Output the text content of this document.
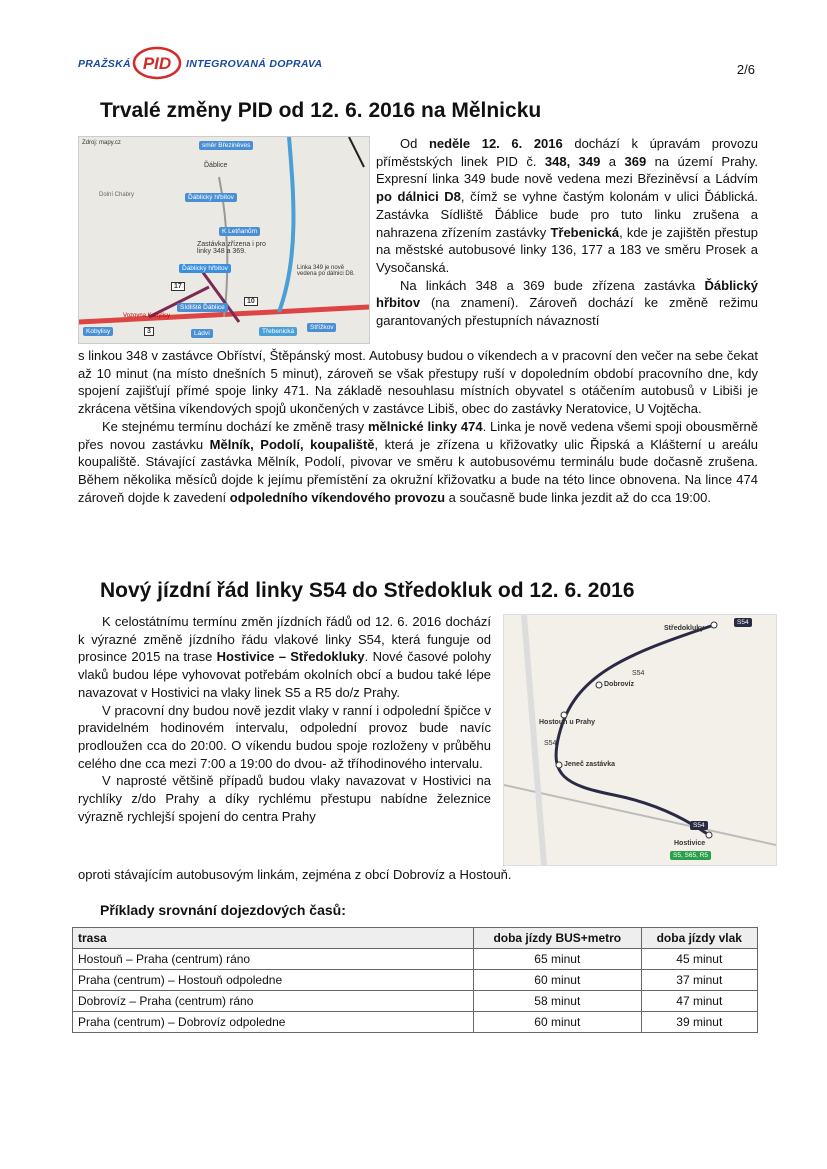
PRAŽSKÁ PID INTEGROVANÁ DOPRAVA	2/6
Trvalé změny PID od 12. 6. 2016 na Mělnicku
Zdroj: mapy.cz	směr Březiněves
Ďáblice
Ďáblický hřbitov
K Letňanům
Zastávka zřízena i pro linky 348 a 369.
Ďáblický hřbitov
Sídliště Ďáblice
Třebenická
Linka 349 je nově vedena po dálnici D8.
Kobylisy	Ládví
Střížkov
Vozovna Kobylisy
Dolní Chabry
17
10
3

Od neděle 12. 6. 2016 dochází k úpravám provozu příměstských linek PID č. 348, 349 a 369 na území Prahy. Expresní linka 349 bude nově vedena mezi Březiněvsí a Ládvím po dálnici D8, čímž se vyhne častým kolonám v ulici Ďáblická. Zastávka Sídliště Ďáblice bude pro tuto linku zrušena a nahrazena zřízením zastávky Třebenická, kde je zajištěn přestup na městské autobusové linky 136, 177 a 183 ve směru Prosek a Vysočanská.

Na linkách 348 a 369 bude zřízena zastávka Ďáblický hřbitov (na znamení). Zároveň dochází ke změně režimu garantovaných přestupních návazností

s linkou 348 v zastávce Obříství, Štěpánský most. Autobusy budou o víkendech a v pracovní den večer na sebe čekat až 10 minut (na místo dnešních 5 minut), zároveň se však přestupy ruší v dopoledním období pracovního dne, kdy spojení zajišťují přímé spoje linky 471. Na základě nesouhlasu místních obyvatel s otáčením autobusů v Libiši je zkrácena většina víkendových spojů ukončených v zastávce Libiš, obec do zastávky Neratovice, U Vojtěcha.

Ke stejnému termínu dochází ke změně trasy mělnické linky 474. Linka je nově vedena všemi spoji obousměrně přes novou zastávku Mělník, Podolí, koupaliště, která je zřízena u křižovatky ulic Řipská a Klášterní u areálu koupaliště. Stávající zastávka Mělník, Podolí, pivovar ve směru k autobusovému terminálu bude dočasně zrušena. Během několika měsíců dojde k jejímu přemístění za okružní křižovatku a bude na této lince obnovena. Na lince 474 zároveň dojde k zavedení odpoledního víkendového provozu a současně bude linka jezdit až do cca 19:00.

Nový jízdní řád linky S54 do Středokluk od 12. 6. 2016

K celostátnímu termínu změn jízdních řádů od 12. 6. 2016 dochází k výrazné změně jízdního řádu vlakové linky S54, která funguje od prosince 2015 na trase Hostivice – Středokluky. Nové časové polohy vlaků budou lépe vyhovovat potřebám okolních obcí a budou také lépe navazovat v Hostivici na vlaky linek S5 a R5 do/z Prahy.

V pracovní dny budou nově jezdit vlaky v ranní i odpolední špičce v pravidelném hodinovém intervalu, odpolední provoz bude navíc prodloužen cca do 20:00. O víkendu budou spoje rozloženy v průběhu celého dne cca mezi 7:00 a 19:00 do dvou- až tříhodinového intervalu.

V naprosté většině případů budou vlaky navazovat v Hostivici na rychlíky z/do Prahy a díky rychlému přestupu nabídne železnice výrazně rychlejší spojení do centra Prahy

oproti stávajícím autobusovým linkám, zejména z obcí Dobrovíz a Hostouň.
Středokluky
Dobrovíz
Hostouň u Prahy
Jeneč zastávka
Hostivice
S54
S54
S54
S54
S5, S65, R5
Příklady srovnání dojezdových časů:
trasa	doba jízdy BUS+metro	doba jízdy vlak
Hostouň – Praha (centrum) ráno	65 minut	45 minut
Praha (centrum) – Hostouň odpoledne	60 minut	37 minut
Dobrovíz – Praha (centrum) ráno	58 minut	47 minut
Praha (centrum) – Dobrovíz odpoledne	60 minut	39 minut
